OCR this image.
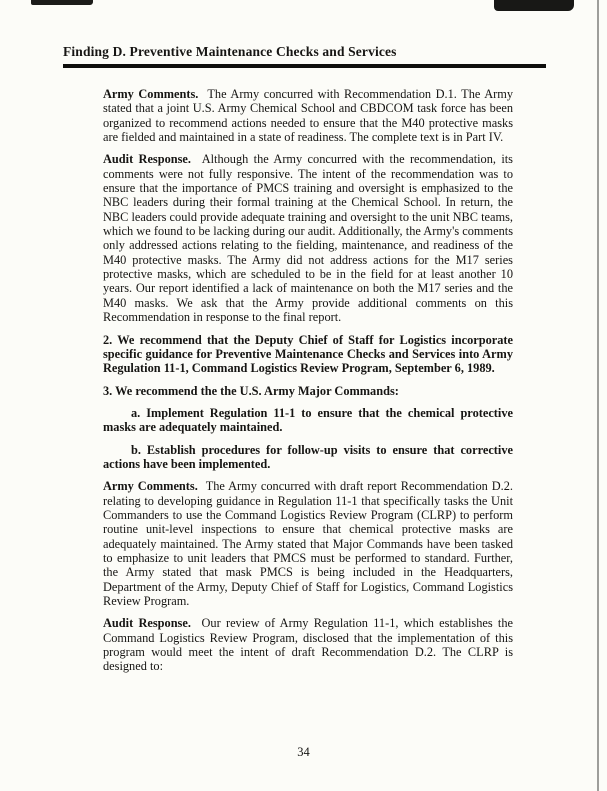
Finding D. Preventive Maintenance Checks and Services

Army Comments. The Army concurred with Recommendation D.1. The Army stated that a joint U.S. Army Chemical School and CBDCOM task force has been organized to recommend actions needed to ensure that the M40 protective masks are fielded and maintained in a state of readiness. The complete text is in Part IV.

Audit Response. Although the Army concurred with the recommendation, its comments were not fully responsive. The intent of the recommendation was to ensure that the importance of PMCS training and oversight is emphasized to the NBC leaders during their formal training at the Chemical School. In return, the NBC leaders could provide adequate training and oversight to the unit NBC teams, which we found to be lacking during our audit. Additionally, the Army's comments only addressed actions relating to the fielding, maintenance, and readiness of the M40 protective masks. The Army did not address actions for the M17 series protective masks, which are scheduled to be in the field for at least another 10 years. Our report identified a lack of maintenance on both the M17 series and the M40 masks. We ask that the Army provide additional comments on this Recommendation in response to the final report.

2. We recommend that the Deputy Chief of Staff for Logistics incorporate specific guidance for Preventive Maintenance Checks and Services into Army Regulation 11-1, Command Logistics Review Program, September 6, 1989.

3. We recommend the the U.S. Army Major Commands:

a. Implement Regulation 11-1 to ensure that the chemical protective masks are adequately maintained.

b. Establish procedures for follow-up visits to ensure that corrective actions have been implemented.

Army Comments. The Army concurred with draft report Recommendation D.2. relating to developing guidance in Regulation 11-1 that specifically tasks the Unit Commanders to use the Command Logistics Review Program (CLRP) to perform routine unit-level inspections to ensure that chemical protective masks are adequately maintained. The Army stated that Major Commands have been tasked to emphasize to unit leaders that PMCS must be performed to standard. Further, the Army stated that mask PMCS is being included in the Headquarters, Department of the Army, Deputy Chief of Staff for Logistics, Command Logistics Review Program.

Audit Response. Our review of Army Regulation 11-1, which establishes the Command Logistics Review Program, disclosed that the implementation of this program would meet the intent of draft Recommendation D.2. The CLRP is designed to:

34
